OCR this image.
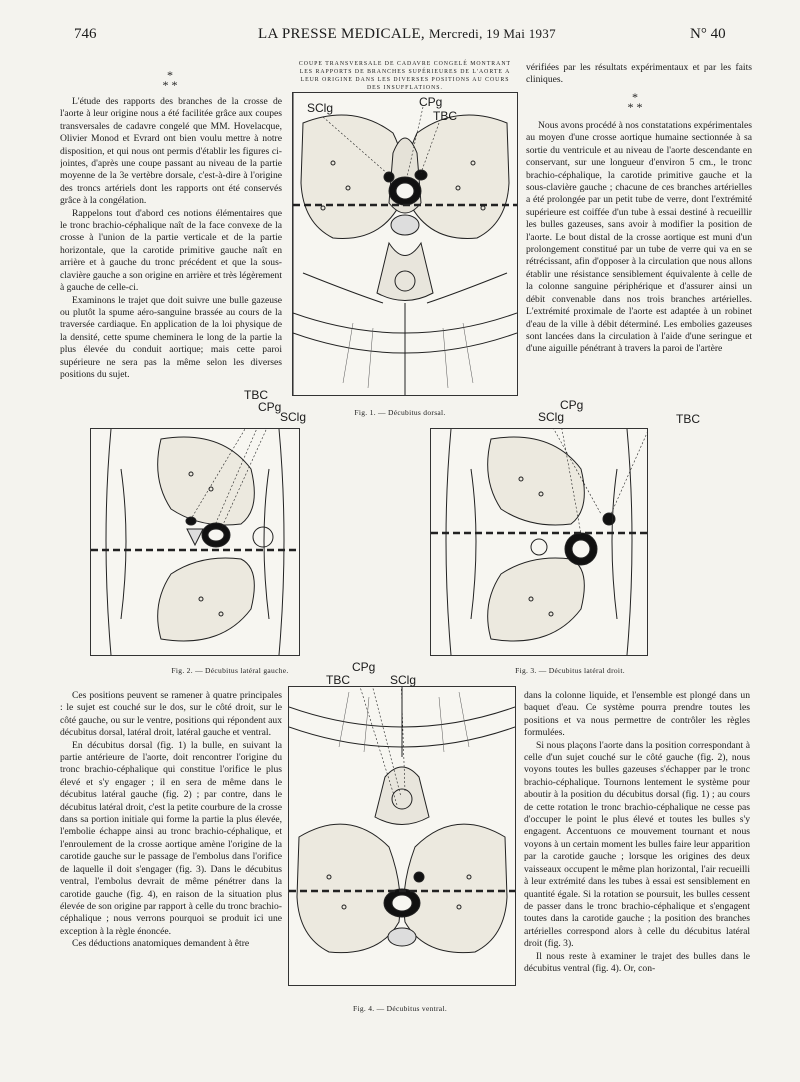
746	LA PRESSE MEDICALE, Mercredi, 19 Mai 1937	N° 40
*
* *

L'étude des rapports des branches de la crosse de l'aorte à leur origine nous a été facilitée grâce aux coupes transversales de cadavre congelé que MM. Hovelacque, Olivier Monod et Evrard ont bien voulu mettre à notre disposition, et qui nous ont permis d'établir les figures ci-jointes, d'après une coupe passant au niveau de la partie moyenne de la 3e vertèbre dorsale, c'est-à-dire à l'origine des troncs artériels dont les rapports ont été conservés grâce à la congélation.

Rappelons tout d'abord ces notions élémentaires que le tronc brachio-céphalique naît de la face convexe de la crosse à l'union de la partie verticale et de la partie horizontale, que la carotide primitive gauche naît en arrière et à gauche du tronc précédent et que la sous-clavière gauche a son origine en arrière et très légèrement à gauche de celle-ci.

Examinons le trajet que doit suivre une bulle gazeuse ou plutôt la spume aéro-sanguine brassée au cours de la traversée cardiaque. En application de la loi physique de la densité, cette spume cheminera le long de la partie la plus élevée du conduit aortique; mais cette paroi supérieure ne sera pas la même selon les diverses positions du sujet.

COUPE TRANSVERSALE DE CADAVRE CONGELÉ MONTRANT LES RAPPORTS DE BRANCHES SUPÉRIEURES DE L'AORTE A LEUR ORIGINE DANS LES DIVERSES POSITIONS AU COURS DES INSUFFLATIONS.
SClg	CPg
TBC
Fig. 1. — Décubitus dorsal.

vérifiées par les résultats expérimentaux et par les faits cliniques.

*
* *

Nous avons procédé à nos constatations expérimentales au moyen d'une crosse aortique humaine sectionnée à sa sortie du ventricule et au niveau de l'aorte descendante en conservant, sur une longueur d'environ 5 cm., le tronc brachio-céphalique, la carotide primitive gauche et la sous-clavière gauche ; chacune de ces branches artérielles a été prolongée par un petit tube de verre, dont l'extrémité supérieure est coiffée d'un tube à essai destiné à recueillir les bulles gazeuses, sans avoir à modifier la position de l'aorte. Le bout distal de la crosse aortique est muni d'un prolongement constitué par un tube de verre qui va en se rétrécissant, afin d'opposer à la circulation que nous allons établir une résistance sensiblement équivalente à celle de la colonne sanguine périphérique et d'assurer ainsi un débit convenable dans nos trois branches artérielles. L'extrémité proximale de l'aorte est adaptée à un robinet d'eau de la ville à débit déterminé. Les embolies gazeuses sont lancées dans la circulation à l'aide d'une seringue et d'une aiguille pénétrant à travers la paroi de l'artère

TBC
CPg
SClg
Fig. 2. — Décubitus latéral gauche.
CPg
SClg	TBC
Fig. 3. — Décubitus latéral droit.

Ces positions peuvent se ramener à quatre principales : le sujet est couché sur le dos, sur le côté droit, sur le côté gauche, ou sur le ventre, positions qui répondent aux décubitus dorsal, latéral droit, latéral gauche et ventral.

En décubitus dorsal (fig. 1) la bulle, en suivant la partie antérieure de l'aorte, doit rencontrer l'origine du tronc brachio-céphalique qui constitue l'orifice le plus élevé et s'y engager ; il en sera de même dans le décubitus latéral gauche (fig. 2) ; par contre, dans le décubitus latéral droit, c'est la petite courbure de la crosse dans sa portion initiale qui forme la partie la plus élevée, l'embolie échappe ainsi au tronc brachio-céphalique, et l'enroulement de la crosse aortique amène l'origine de la carotide gauche sur le passage de l'embolus dans l'orifice de laquelle il doit s'engager (fig. 3). Dans le décubitus ventral, l'embolus devrait de même pénétrer dans la carotide gauche (fig. 4), en raison de la situation plus élevée de son origine par rapport à celle du tronc brachio-céphalique ; nous verrons pourquoi se produit ici une exception à la règle énoncée.

Ces déductions anatomiques demandent à être

CPg
TBC	SClg
Fig. 4. — Décubitus ventral.

dans la colonne liquide, et l'ensemble est plongé dans un baquet d'eau. Ce système pourra prendre toutes les positions et va nous permettre de contrôler les règles formulées.

Si nous plaçons l'aorte dans la position correspondant à celle d'un sujet couché sur le côté gauche (fig. 2), nous voyons toutes les bulles gazeuses s'échapper par le tronc brachio-céphalique. Tournons lentement le système pour aboutir à la position du décubitus dorsal (fig. 1) ; au cours de cette rotation le tronc brachio-céphalique ne cesse pas d'occuper le point le plus élevé et toutes les bulles s'y engagent. Accentuons ce mouvement tournant et nous voyons à un certain moment les bulles faire leur apparition par la carotide gauche ; lorsque les origines des deux vaisseaux occupent le même plan horizontal, l'air recueilli à leur extrémité dans les tubes à essai est sensiblement en quantité égale. Si la rotation se poursuit, les bulles cessent de passer dans le tronc brachio-céphalique et s'engagent toutes dans la carotide gauche ; la position des branches artérielles correspond alors à celle du décubitus latéral droit (fig. 3).

Il nous reste à examiner le trajet des bulles dans le décubitus ventral (fig. 4). Or, con-
